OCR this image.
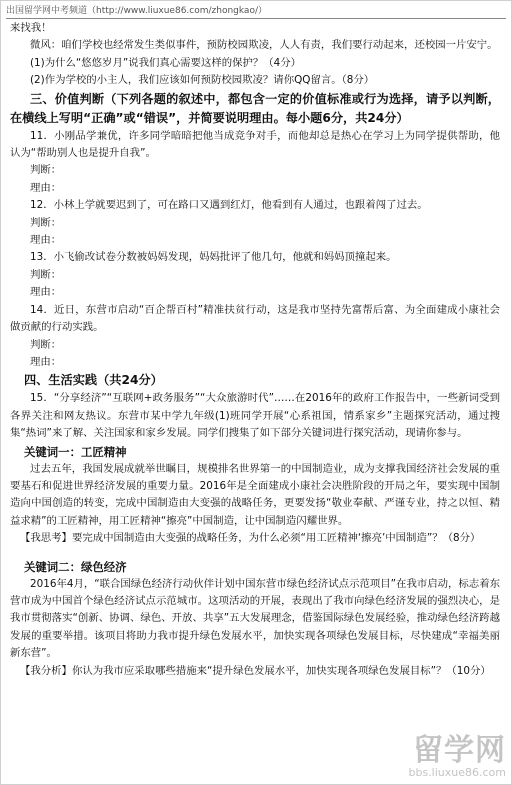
出国留学网中考频道（http://www.liuxue86.com/zhongkao/）

来找我！

微风：咱们学校也经常发生类似事件，预防校园欺凌，人人有责，我们要行动起来，还校园一片安宁。

(1)为什么“悠悠岁月”说我们真心需要这样的保护？（4分）

(2)作为学校的小主人，我们应该如何预防校园欺凌？请你QQ留言。（8分）

三、价值判断（下列各题的叙述中，都包含一定的价值标准或行为选择，请予以判断，在横线上写明“正确”或“错误”，并简要说明理由。每小题6分，共24分）

11．小刚品学兼优，许多同学暗暗把他当成竞争对手，而他却总是热心在学习上为同学提供帮助，他认为“帮助别人也是提升自我”。

判断：

理由：

12．小林上学就要迟到了，可在路口又遇到红灯，他看到有人通过，也跟着闯了过去。

判断：

理由：

13．小飞偷改试卷分数被妈妈发现，妈妈批评了他几句，他就和妈妈顶撞起来。

判断：

理由：

14．近日，东营市启动“百企帮百村”精准扶贫行动，这是我市坚持先富帮后富、为全面建成小康社会做贡献的行动实践。

判断：

理由：

四、生活实践（共24分）

15．“分享经济”“互联网+政务服务”“大众旅游时代”……在2016年的政府工作报告中，一些新词受到各界关注和网友热议。东营市某中学九年级(1)班同学开展“心系祖国，情系家乡”主题探究活动，通过搜集“热词”来了解、关注国家和家乡发展。同学们搜集了如下部分关键词进行探究活动，现请你参与。

关键词一：工匠精神

过去五年，我国发展成就举世瞩目，规模排名世界第一的中国制造业，成为支撑我国经济社会发展的重要基石和促进世界经济发展的重要力量。2016年是全面建成小康社会决胜阶段的开局之年，要实现中国制造向中国创造的转变，完成中国制造由大变强的战略任务，更要发扬“敬业奉献、严谨专业，持之以恒、精益求精”的工匠精神，用工匠精神“擦亮”中国制造，让中国制造闪耀世界。

【我思考】要完成中国制造由大变强的战略任务，为什么必须“用工匠精神‘擦亮’中国制造”？（8分）

关键词二：绿色经济

2016年4月，“联合国绿色经济行动伙伴计划中国东营市绿色经济试点示范项目”在我市启动，标志着东营市成为中国首个绿色经济试点示范城市。这项活动的开展，表现出了我市向绿色经济发展的强烈决心，是我市贯彻落实“创新、协调、绿色、开放、共享”五大发展理念，借鉴国际绿色发展经验，推动绿色经济跨越发展的重要举措。该项目将助力我市提升绿色发展水平，加快实现各项绿色发展目标，尽快建成“幸福美丽新东营”。

【我分析】你认为我市应采取哪些措施来“提升绿色发展水平，加快实现各项绿色发展目标”？（10分）

留学网
bbs.liuxue86.com
